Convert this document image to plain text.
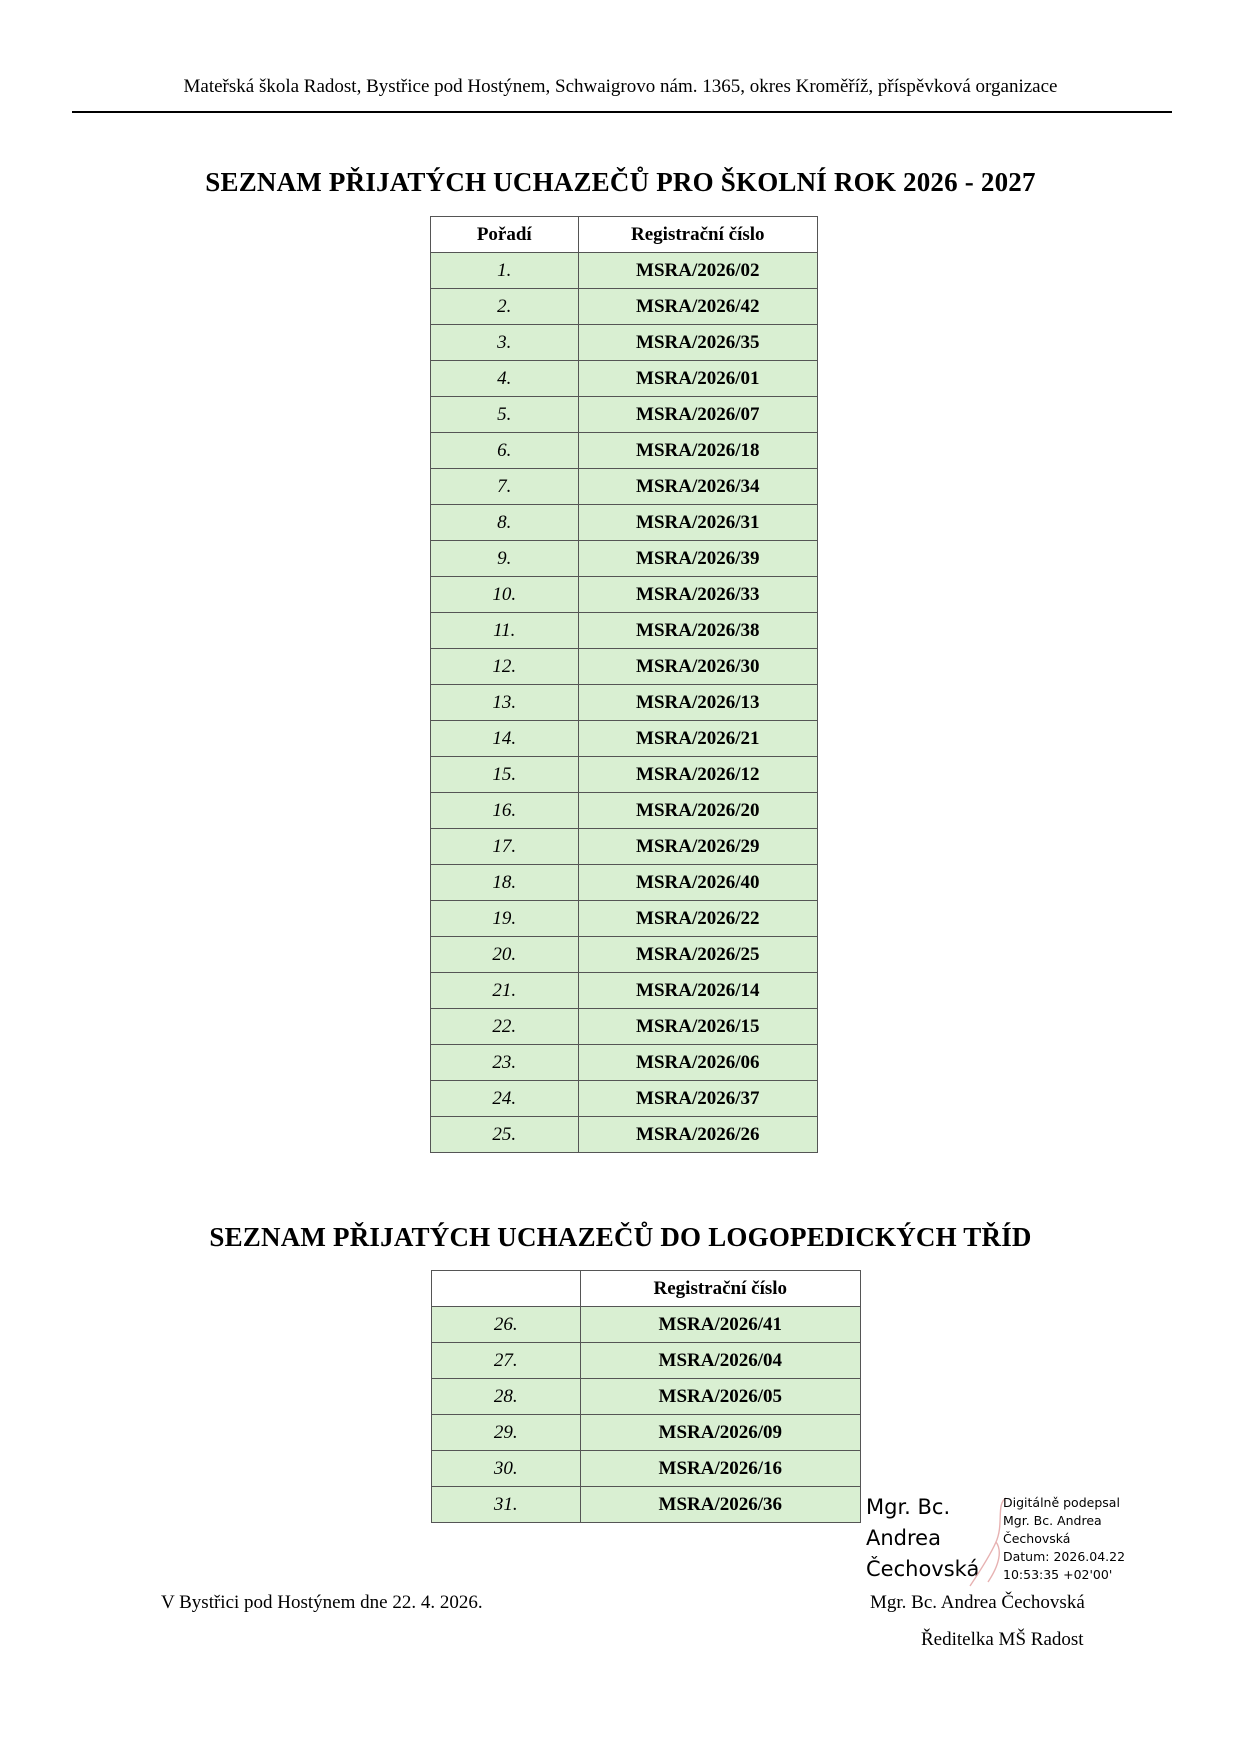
Mateřská škola Radost, Bystřice pod Hostýnem, Schwaigrovo nám. 1365, okres Kroměříž, příspěvková organizace
SEZNAM PŘIJATÝCH UCHAZEČŮ PRO ŠKOLNÍ ROK 2026 - 2027
Pořadí	Registrační číslo
1.	MSRA/2026/02
2.	MSRA/2026/42
3.	MSRA/2026/35
4.	MSRA/2026/01
5.	MSRA/2026/07
6.	MSRA/2026/18
7.	MSRA/2026/34
8.	MSRA/2026/31
9.	MSRA/2026/39
10.	MSRA/2026/33
11.	MSRA/2026/38
12.	MSRA/2026/30
13.	MSRA/2026/13
14.	MSRA/2026/21
15.	MSRA/2026/12
16.	MSRA/2026/20
17.	MSRA/2026/29
18.	MSRA/2026/40
19.	MSRA/2026/22
20.	MSRA/2026/25
21.	MSRA/2026/14
22.	MSRA/2026/15
23.	MSRA/2026/06
24.	MSRA/2026/37
25.	MSRA/2026/26
SEZNAM PŘIJATÝCH UCHAZEČŮ DO LOGOPEDICKÝCH TŘÍD
	Registrační číslo
26.	MSRA/2026/41
27.	MSRA/2026/04
28.	MSRA/2026/05
29.	MSRA/2026/09
30.	MSRA/2026/16
31.	MSRA/2026/36	Mgr. Bc.
Andrea
Čechovská
Digitálně podepsal
Mgr. Bc. Andrea
Čechovská
Datum: 2026.04.22
10:53:35 +02'00'
V Bystřici pod Hostýnem dne 22. 4. 2026.	Mgr. Bc. Andrea Čechovská
Ředitelka MŠ Radost
